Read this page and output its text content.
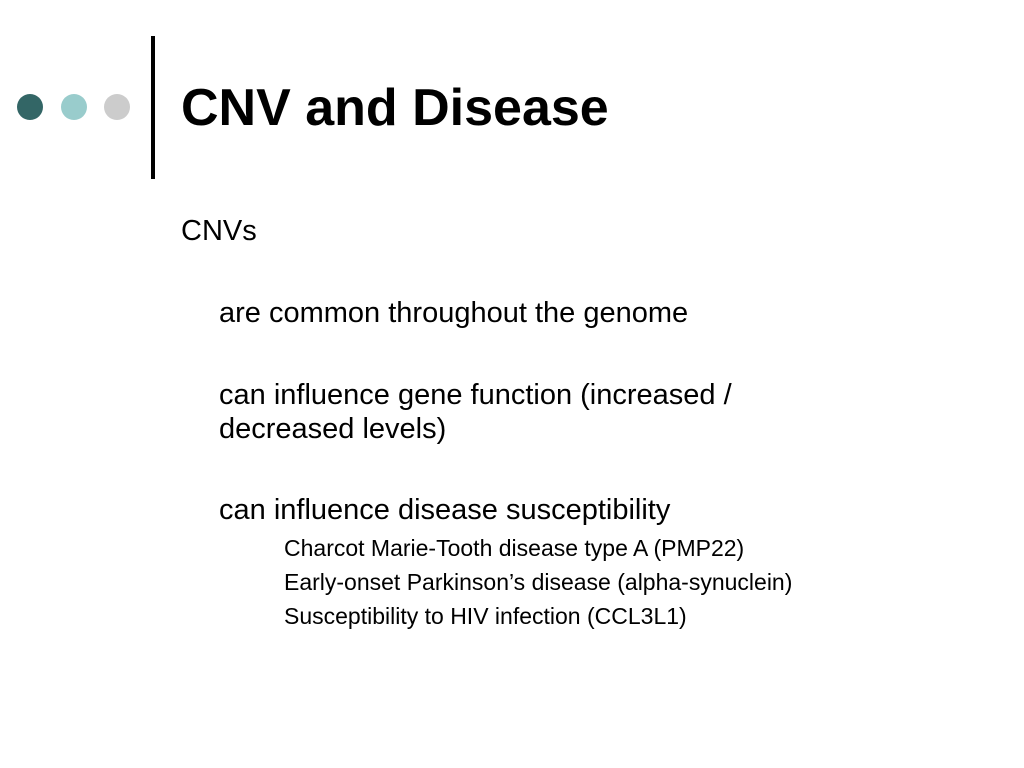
CNV and Disease
CNVs
are common throughout the genome
can influence gene function (increased /
decreased levels)
can influence disease susceptibility
Charcot Marie-Tooth disease type A (PMP22)
Early-onset Parkinson’s disease (alpha-synuclein)
Susceptibility to HIV infection (CCL3L1)
